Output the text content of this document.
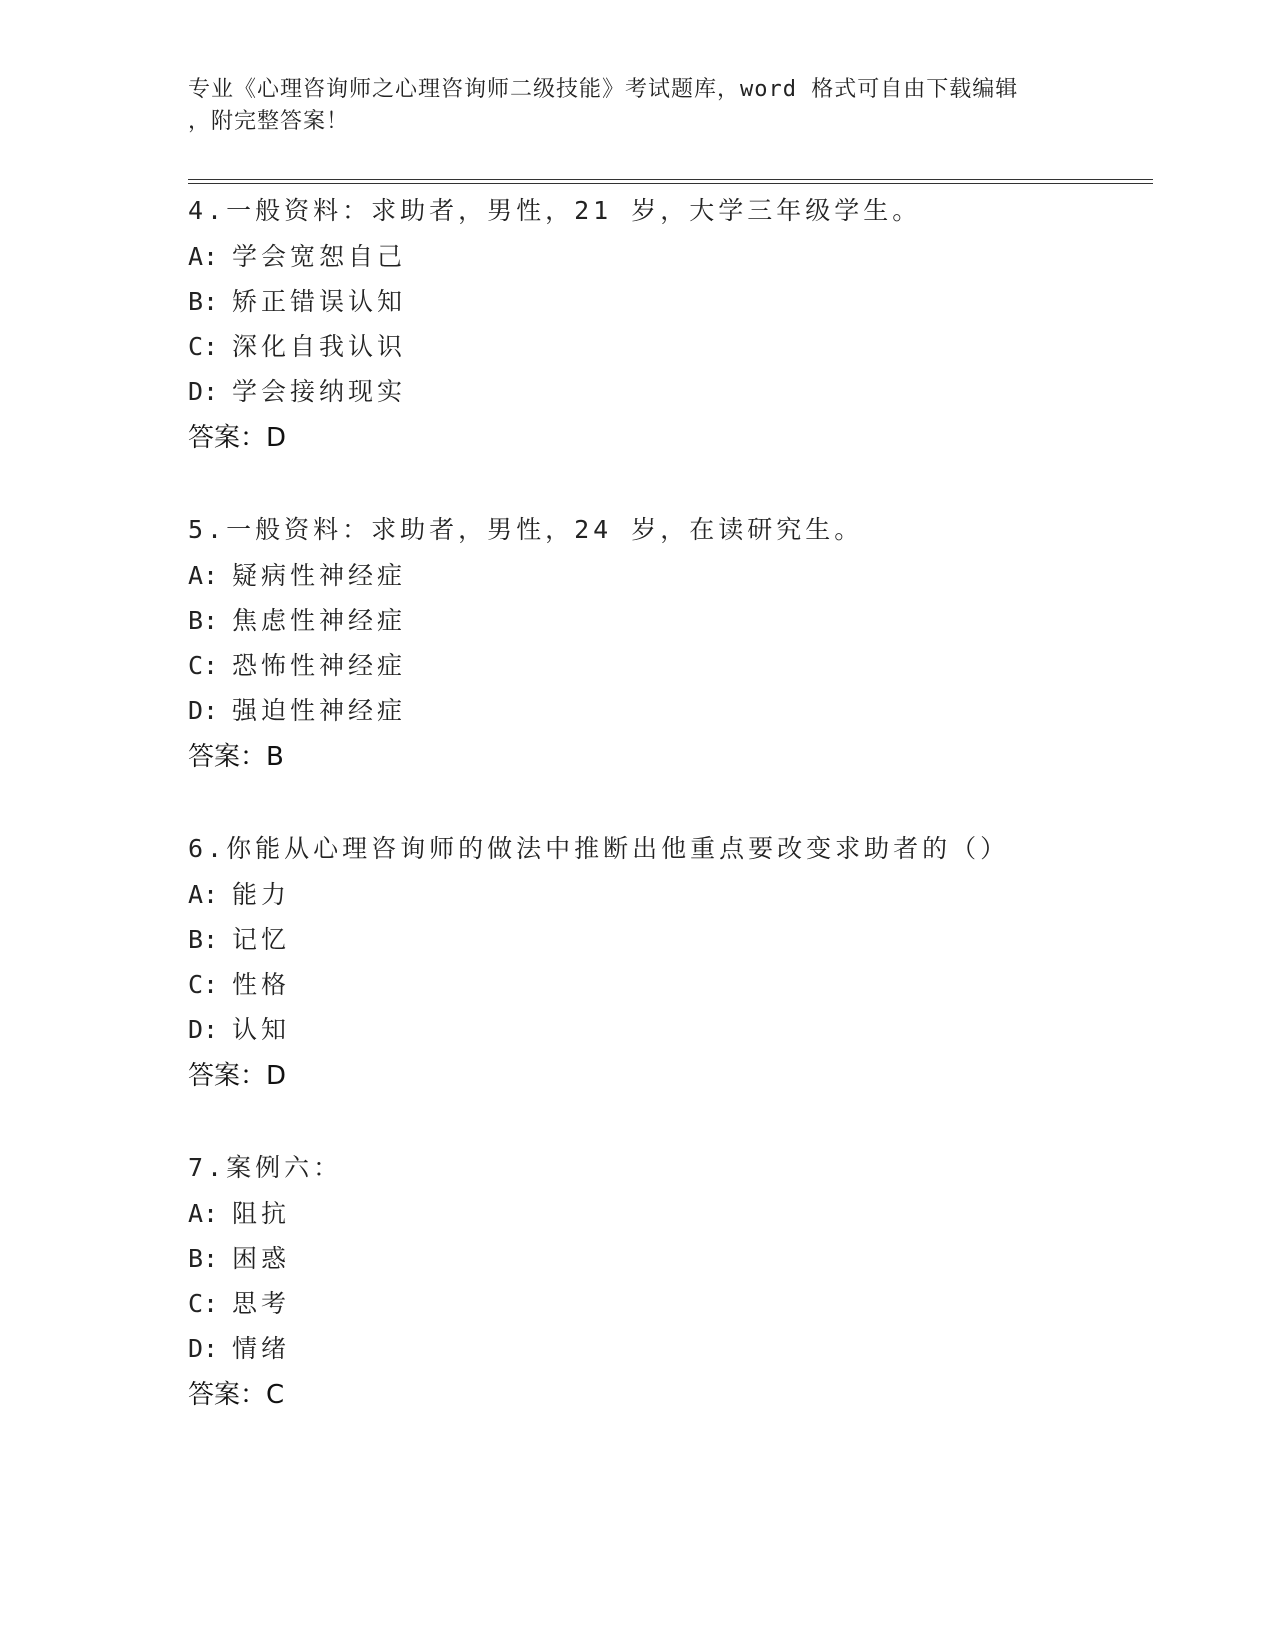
专业《心理咨询师之心理咨询师二级技能》考试题库，word 格式可自由下载编辑
，附完整答案！
4.一般资料：求助者，男性，21 岁，大学三年级学生。
A: 学会宽恕自己
B: 矫正错误认知
C: 深化自我认识
D: 学会接纳现实
答案：D
5.一般资料：求助者，男性，24 岁，在读研究生。
A: 疑病性神经症
B: 焦虑性神经症
C: 恐怖性神经症
D: 强迫性神经症
答案：B
6.你能从心理咨询师的做法中推断出他重点要改变求助者的（）
A: 能力
B: 记忆
C: 性格
D: 认知
答案：D
7.案例六：
A: 阻抗
B: 困惑
C: 思考
D: 情绪
答案：C
